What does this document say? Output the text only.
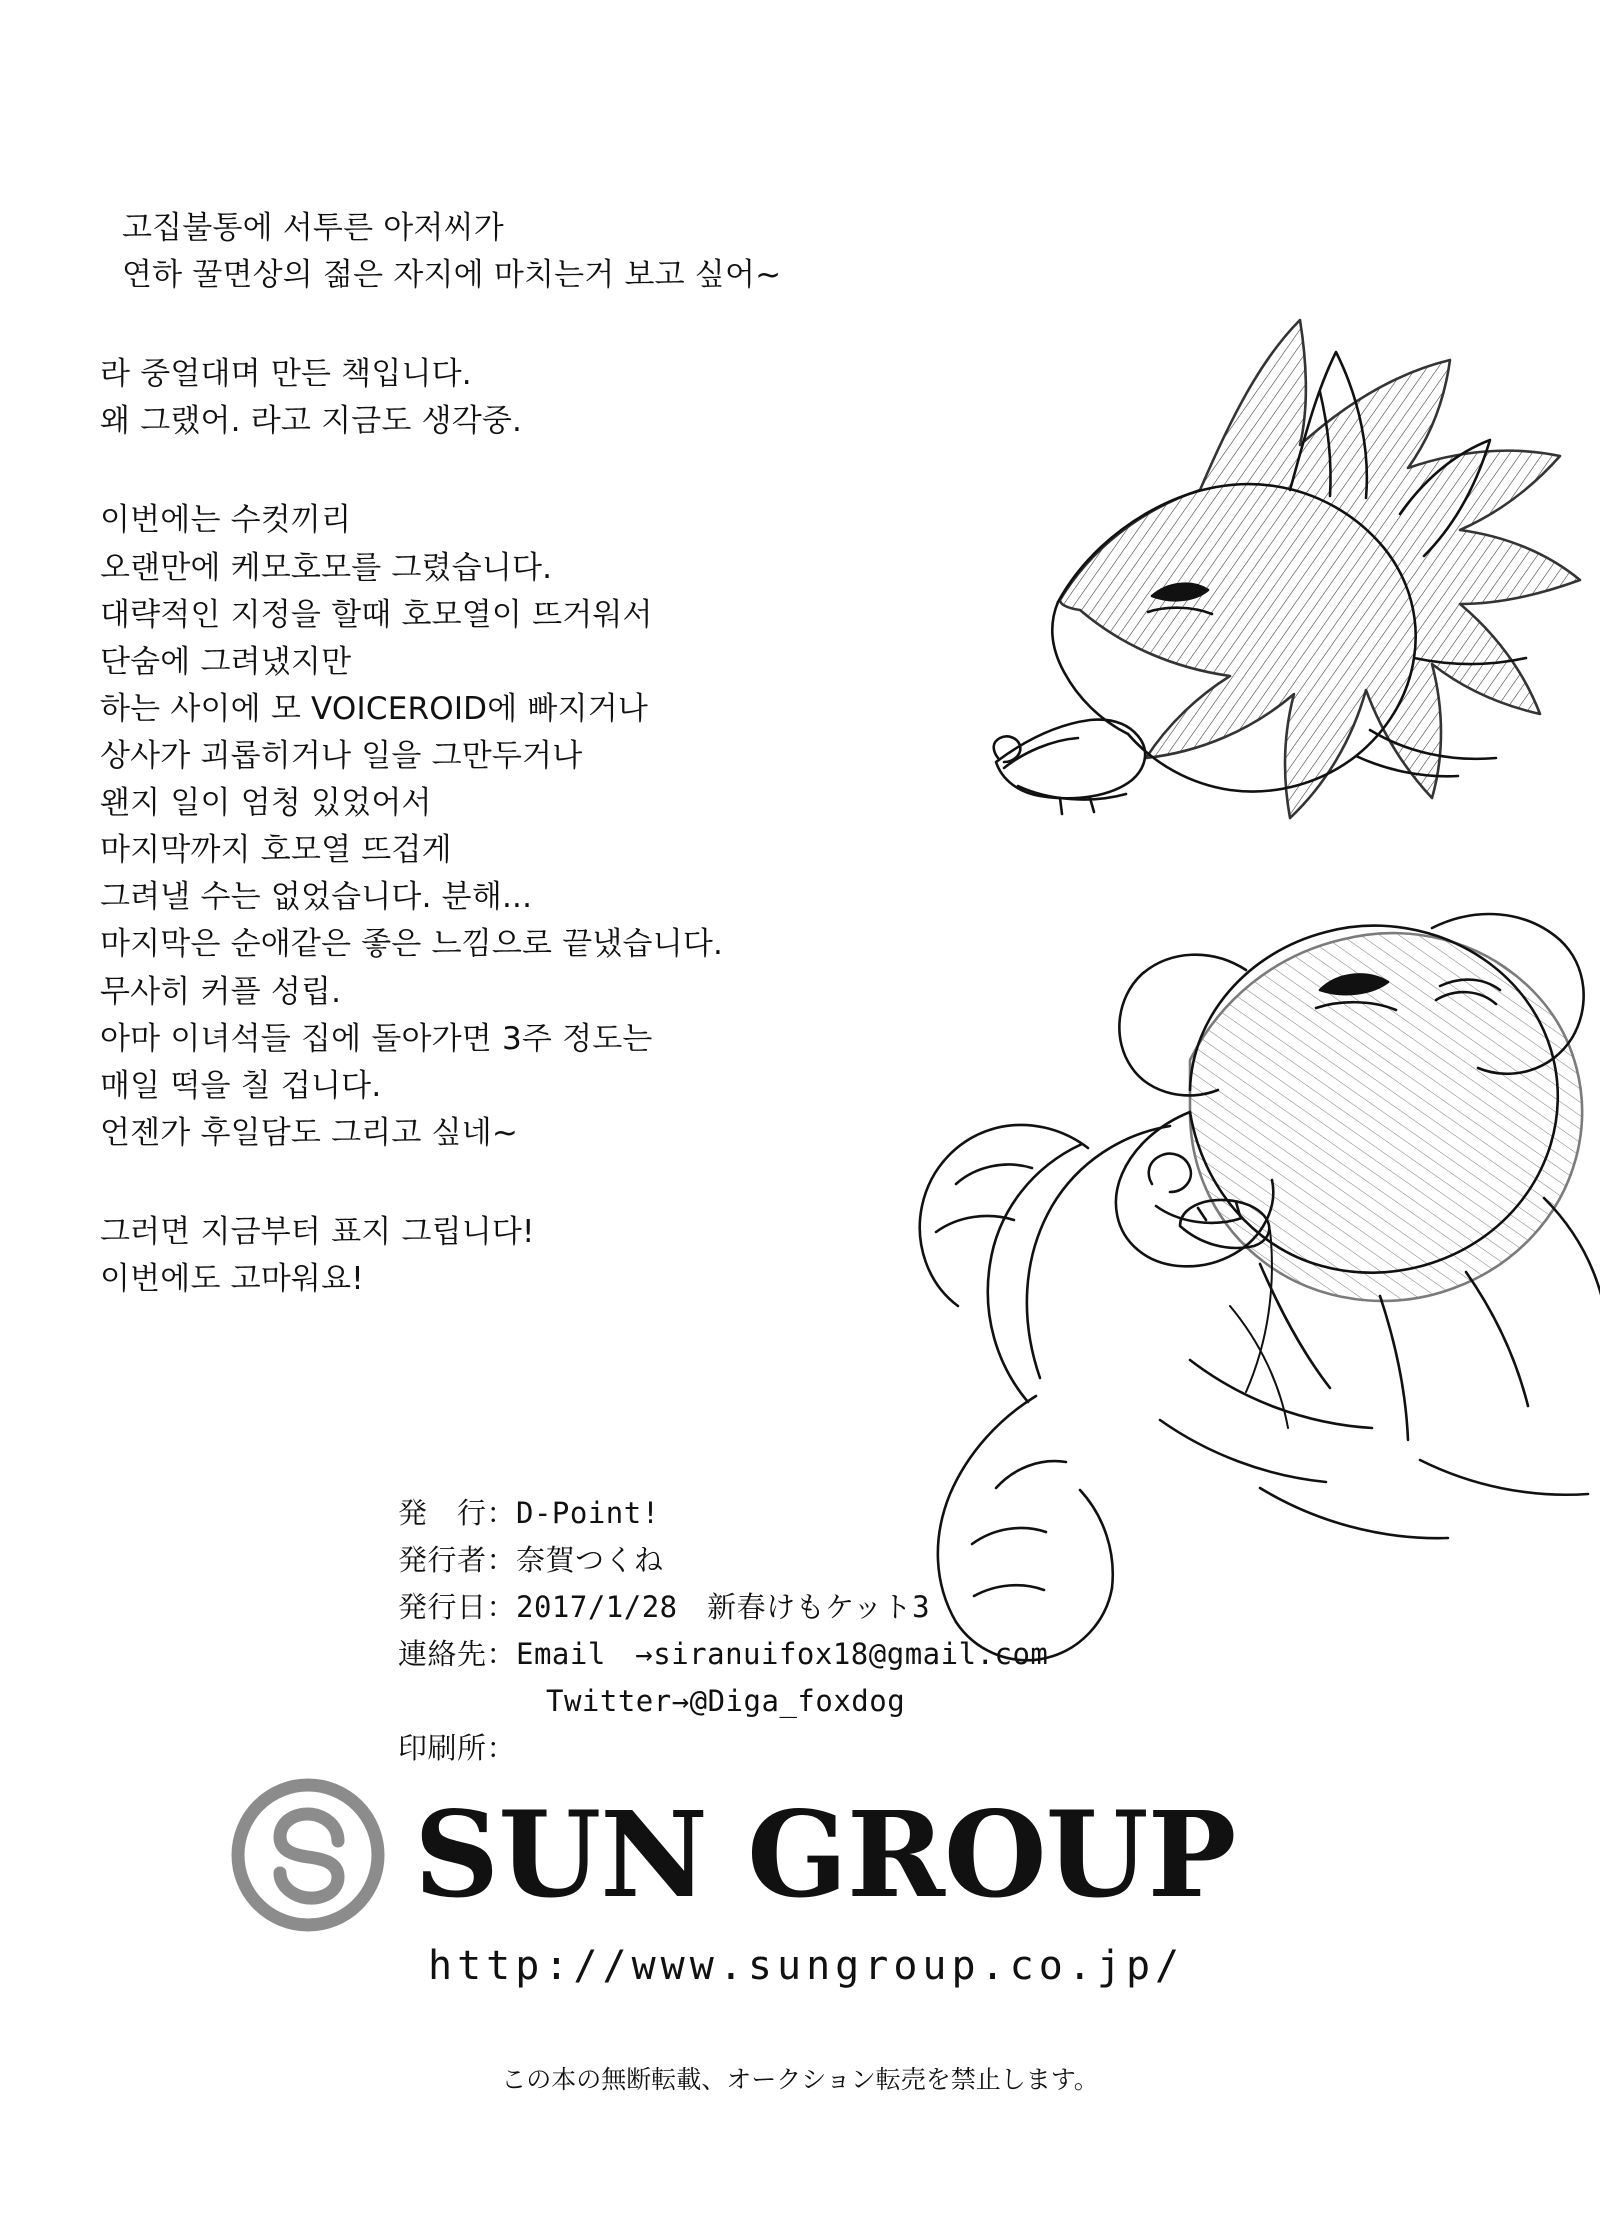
고집불통에 서투른 아저씨가
연하 꿀면상의 젊은 자지에 마치는거 보고 싶어~
라 중얼대며 만든 책입니다.
왜 그랬어. 라고 지금도 생각중.
이번에는 수컷끼리
오랜만에 케모호모를 그렸습니다.
대략적인 지정을 할때 호모열이 뜨거워서
단숨에 그려냈지만
하는 사이에 모 VOICEROID에 빠지거나
상사가 괴롭히거나 일을 그만두거나
왠지 일이 엄청 있었어서
마지막까지 호모열 뜨겁게
그려낼 수는 없었습니다. 분해...
마지막은 순애같은 좋은 느낌으로 끝냈습니다.
무사히 커플 성립.
아마 이녀석들 집에 돌아가면 3주 정도는
매일 떡을 칠 겁니다.
언젠가 후일담도 그리고 싶네~
그러면 지금부터 표지 그립니다!
이번에도 고마워요!
発　行：D-Point!
発行者：奈賀つくね
発行日：2017/1/28　新春けもケット3
連絡先：Email　→siranuifox18@gmail.com
Twitter→@Diga_foxdog
印刷所：
SUN GROUP
http://www.sungroup.co.jp/
この本の無断転載、オークション転売を禁止します。
